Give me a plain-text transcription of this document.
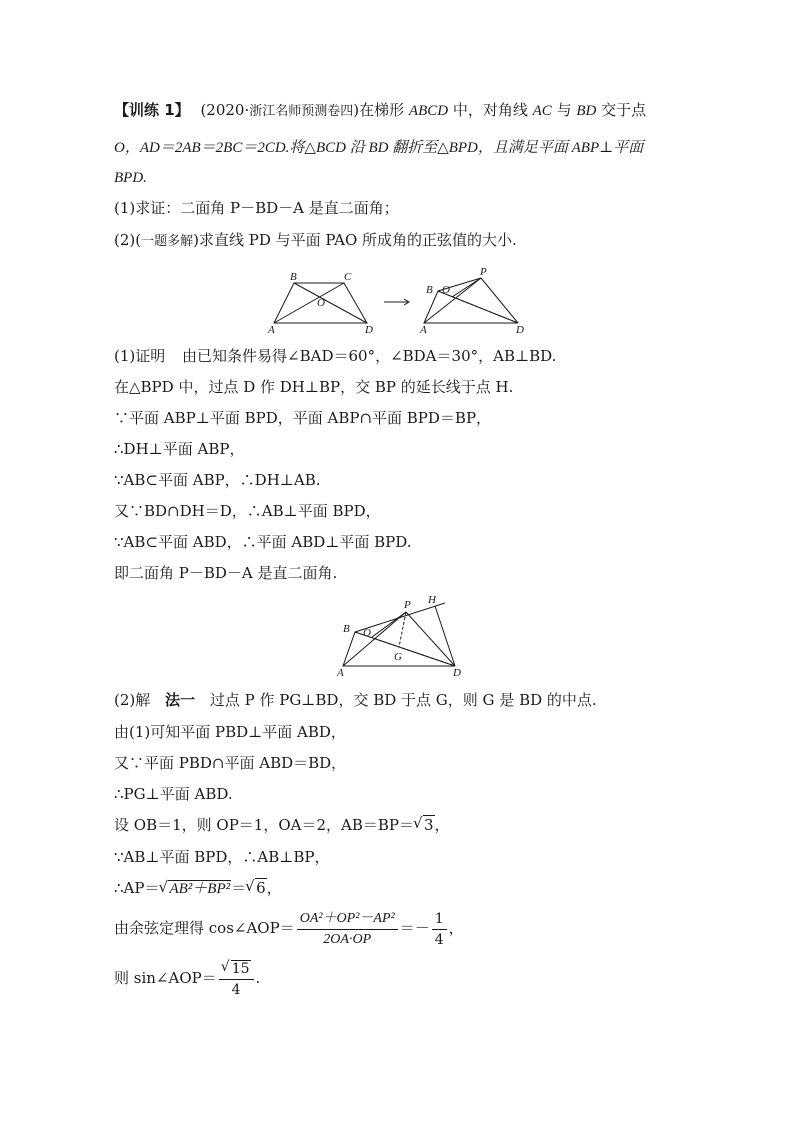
【训练 1】 (2020·浙江名师预测卷四)在梯形 ABCD 中，对角线 AC 与 BD 交于点
O，AD＝2AB＝2BC＝2CD.将△BCD 沿 BD 翻折至△BPD，且满足平面 ABP⊥平面
BPD.
(1)求证：二面角 P－BD－A 是直二面角；
(2)(一题多解)求直线 PD 与平面 PAO 所成角的正弦值的大小.
B	C
O
A	D
P
B O
A	D
(1)证明 由已知条件易得∠BAD＝60°，∠BDA＝30°，AB⊥BD.
在△BPD 中，过点 D 作 DH⊥BP，交 BP 的延长线于点 H.
∵平面 ABP⊥平面 BPD，平面 ABP∩平面 BPD＝BP，
∴DH⊥平面 ABP，
∵AB⊂平面 ABP，∴DH⊥AB.
又∵BD∩DH＝D，∴AB⊥平面 BPD，
∵AB⊂平面 ABD，∴平面 ABD⊥平面 BPD.
即二面角 P－BD－A 是直二面角.
P H
B O
G
A	D
(2)解 法一 过点 P 作 PG⊥BD，交 BD 于点 G，则 G 是 BD 的中点.
由(1)可知平面 PBD⊥平面 ABD，
又∵平面 PBD∩平面 ABD＝BD，
∴PG⊥平面 ABD.
设 OB＝1，则 OP＝1，OA＝2，AB＝BP＝ √ 3，
∵AB⊥平面 BPD，∴AB⊥BP，
∴AP＝ √ AB²＋BP²＝ √ 6，
由余弦定理得 cos∠AOP＝ $\frac{\text{OA²＋OP²－AP²}}{2OA\cdot OP} =- \frac{1}{4}$ ，
则 sin∠AOP＝ √ $\frac{15}{4}$ .
